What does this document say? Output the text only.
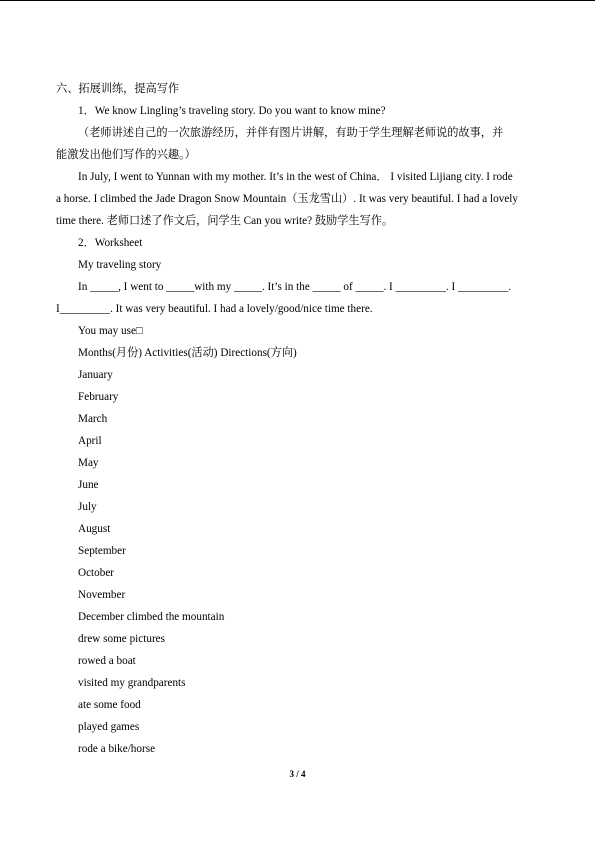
六、拓展训练，提高写作
1．We know Lingling’s traveling story. Do you want to know mine?
（老师讲述自己的一次旅游经历，并伴有图片讲解，有助于学生理解老师说的故事，并
能激发出他们写作的兴趣。）
In July, I went to Yunnan with my mother. It’s in the west of China． I visited Lijiang city. I rode
a horse. I climbed the Jade Dragon Snow Mountain（玉龙雪山）. It was very beautiful. I had a lovely
time there. 老师口述了作文后，问学生 Can you write? 鼓励学生写作。
2．Worksheet
My traveling story
In _____, I went to _____with my _____. It’s in the _____ of _____. I _________. I _________.
I_________. It was very beautiful. I had a lovely/good/nice time there.
You may use□
Months(月份) Activities(活动) Directions(方向)
January
February
March
April
May
June
July
August
September
October
November
December climbed the mountain
drew some pictures
rowed a boat
visited my grandparents
ate some food
played games
rode a bike/horse
3 / 4
